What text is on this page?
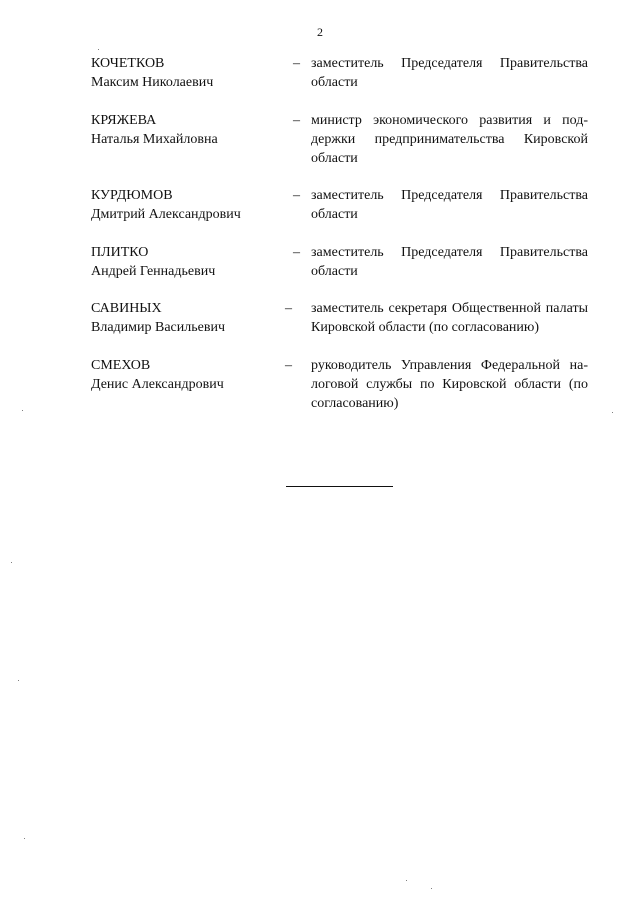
2
КОЧЕТКОВ
Максим Николаевич
– заместитель Председателя Правительства области
КРЯЖЕВА
Наталья Михайловна
– министр экономического развития и поддержки предпринимательства Кировской области
КУРДЮМОВ
Дмитрий Александрович
– заместитель Председателя Правительства области
ПЛИТКО
Андрей Геннадьевич
– заместитель Председателя Правительства области
САВИНЫХ
Владимир Васильевич
– заместитель секретаря Общественной палаты Кировской области (по согласованию)
СМЕХОВ
Денис Александрович
– руководитель Управления Федеральной налоговой службы по Кировской области (по согласованию)
